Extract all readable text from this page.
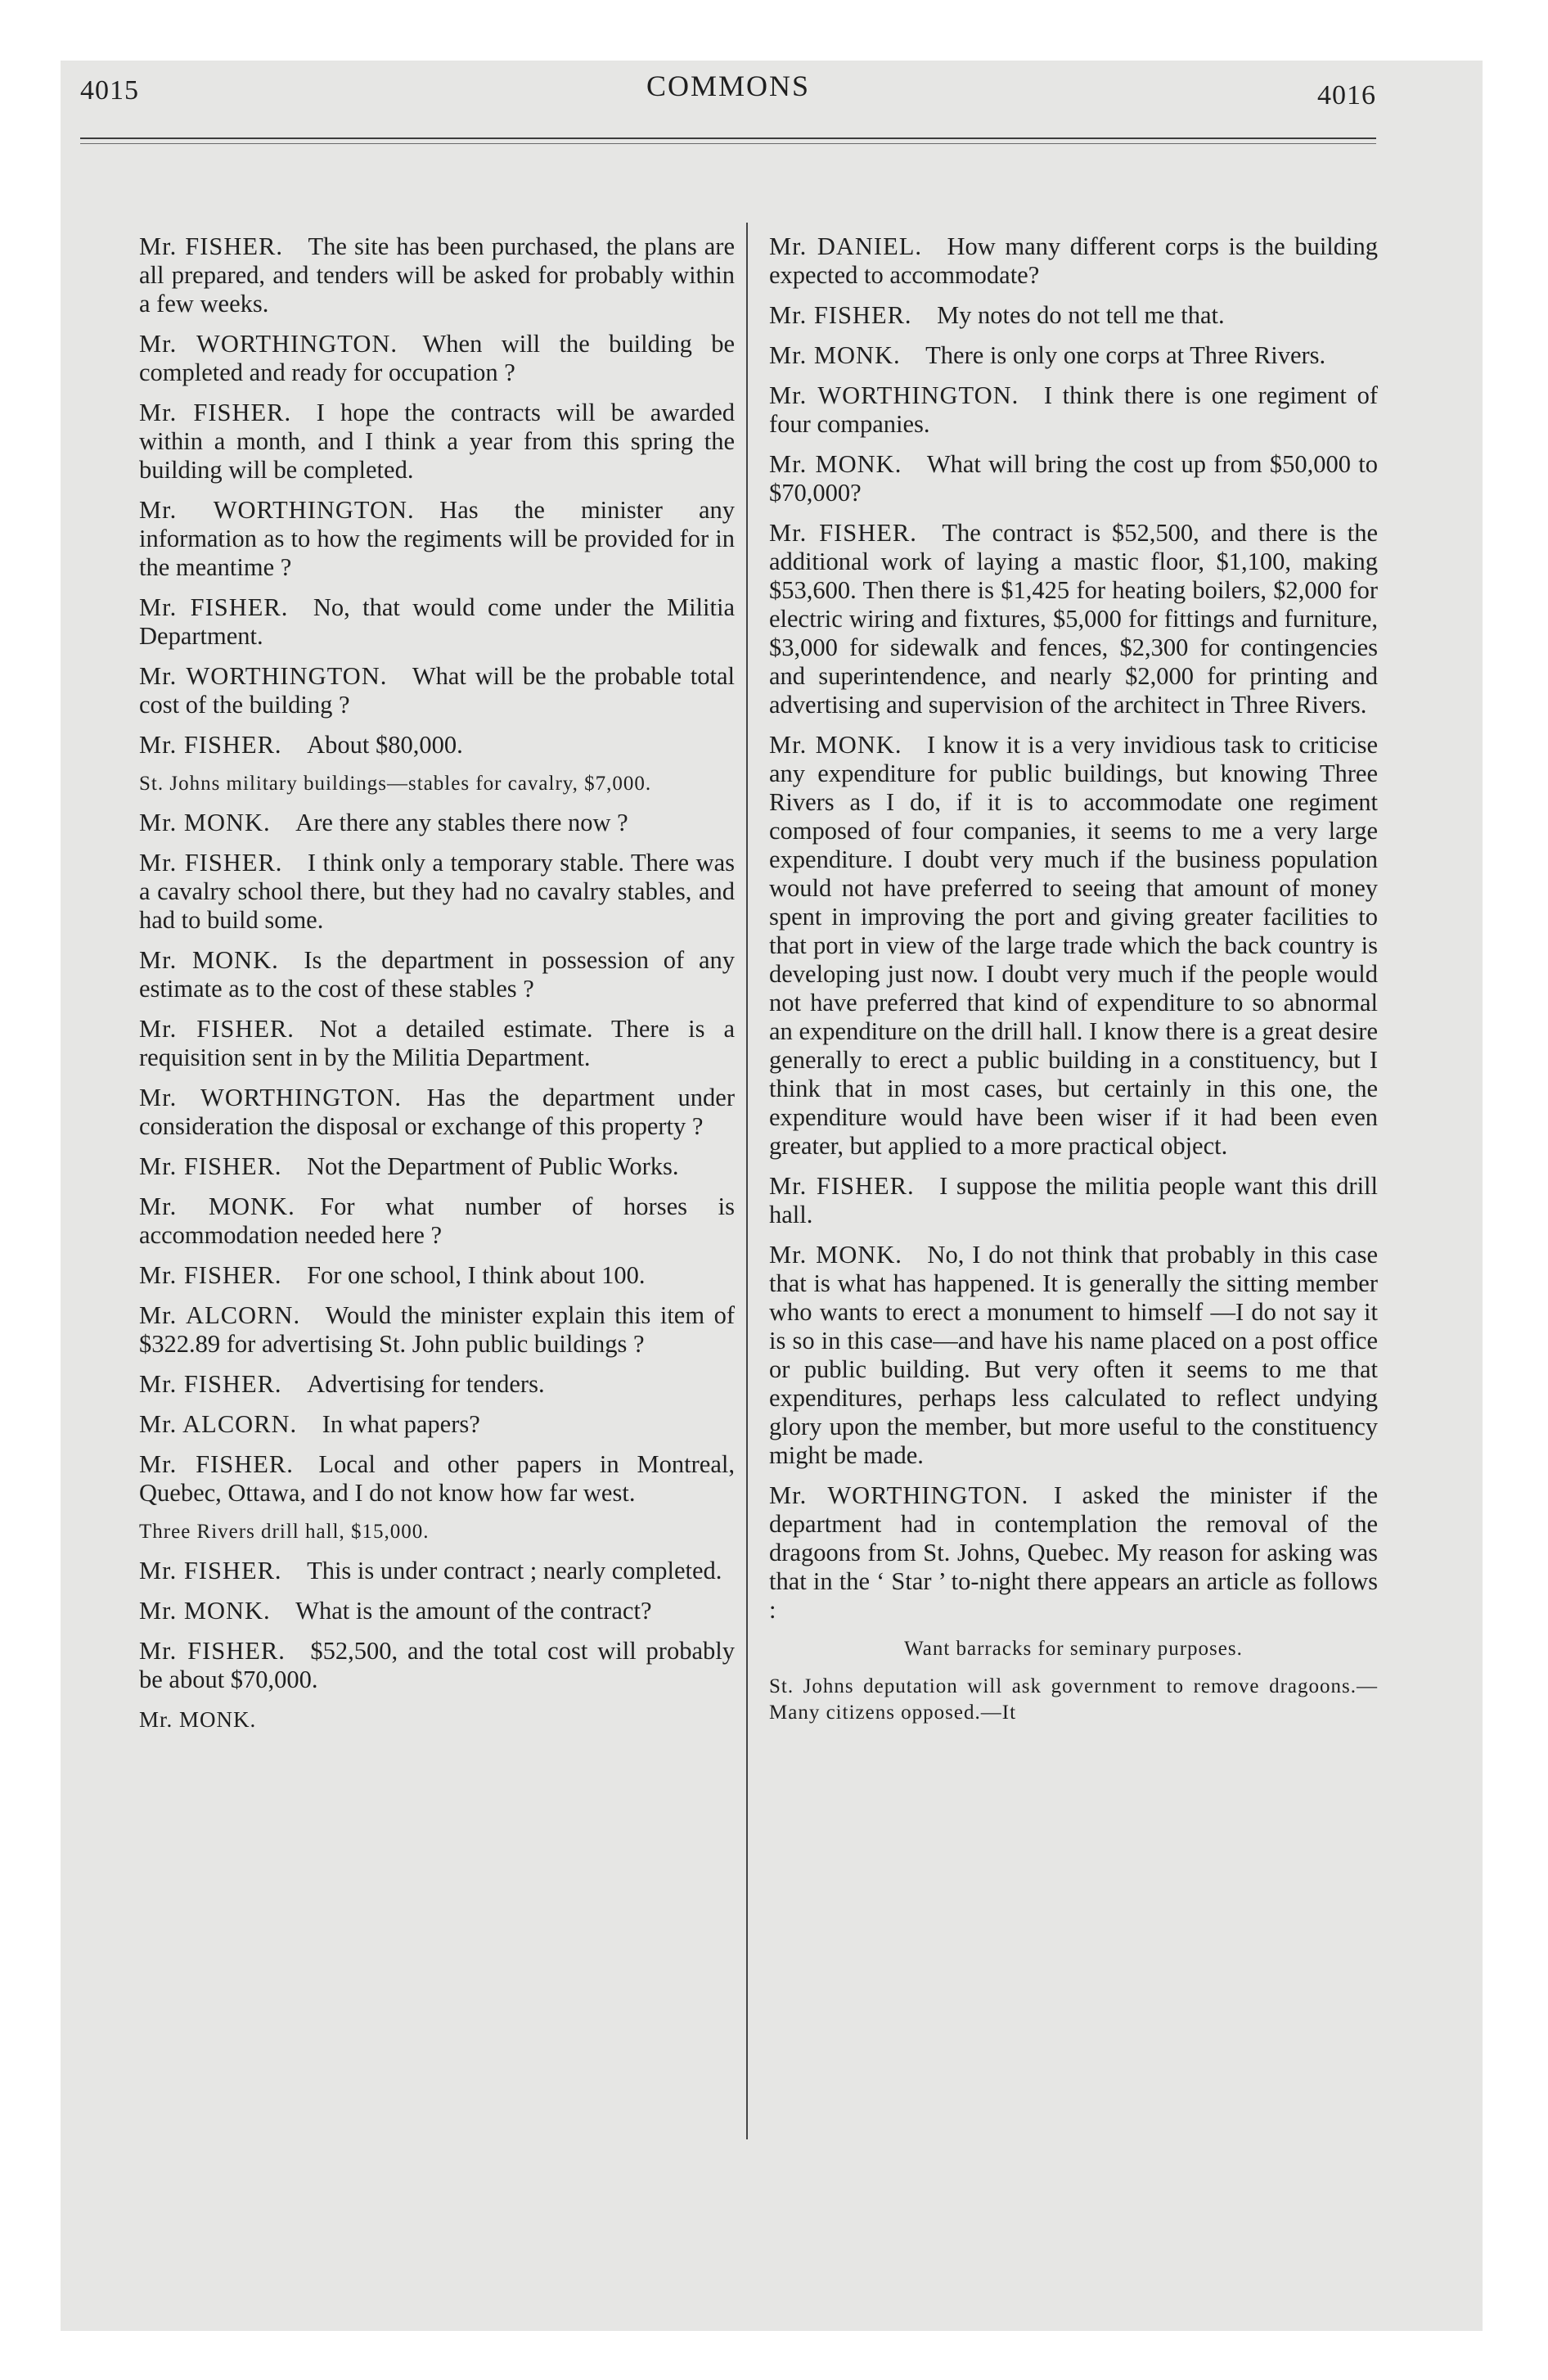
4015	COMMONS	4016

Mr. FISHER.  The site has been purchased, the plans are all prepared, and tenders will be asked for probably within a few weeks.

Mr. WORTHINGTON.  When will the building be completed and ready for occupation ?

Mr. FISHER.  I hope the contracts will be awarded within a month, and I think a year from this spring the building will be completed.

Mr. WORTHINGTON.  Has the minister any information as to how the regiments will be provided for in the meantime ?

Mr. FISHER.  No, that would come under the Militia Department.

Mr. WORTHINGTON.  What will be the probable total cost of the building ?

Mr. FISHER.  About $80,000.

St. Johns military buildings—stables for cavalry, $7,000.

Mr. MONK.  Are there any stables there now ?

Mr. FISHER.  I think only a temporary stable. There was a cavalry school there, but they had no cavalry stables, and had to build some.

Mr. MONK.  Is the department in possession of any estimate as to the cost of these stables ?

Mr. FISHER.  Not a detailed estimate. There is a requisition sent in by the Militia Department.

Mr. WORTHINGTON.  Has the department under consideration the disposal or exchange of this property ?

Mr. FISHER.  Not the Department of Public Works.

Mr. MONK.  For what number of horses is accommodation needed here ?

Mr. FISHER.  For one school, I think about 100.

Mr. ALCORN.  Would the minister explain this item of $322.89 for advertising St. John public buildings ?

Mr. FISHER.  Advertising for tenders.

Mr. ALCORN.  In what papers?

Mr. FISHER.  Local and other papers in Montreal, Quebec, Ottawa, and I do not know how far west.

Three Rivers drill hall, $15,000.

Mr. FISHER.  This is under contract ; nearly completed.

Mr. MONK.  What is the amount of the contract?

Mr. FISHER.  $52,500, and the total cost will probably be about $70,000.

Mr. MONK.

Mr. DANIEL.  How many different corps is the building expected to accommodate?

Mr. FISHER.  My notes do not tell me that.

Mr. MONK.  There is only one corps at Three Rivers.

Mr. WORTHINGTON.  I think there is one regiment of four companies.

Mr. MONK.  What will bring the cost up from $50,000 to $70,000?

Mr. FISHER.  The contract is $52,500, and there is the additional work of laying a mastic floor, $1,100, making $53,600. Then there is $1,425 for heating boilers, $2,000 for electric wiring and fixtures, $5,000 for fittings and furniture, $3,000 for sidewalk and fences, $2,300 for contingencies and superintendence, and nearly $2,000 for printing and advertising and supervision of the architect in Three Rivers.

Mr. MONK.  I know it is a very invidious task to criticise any expenditure for public buildings, but knowing Three Rivers as I do, if it is to accommodate one regiment composed of four companies, it seems to me a very large expenditure. I doubt very much if the business population would not have preferred to seeing that amount of money spent in improving the port and giving greater facilities to that port in view of the large trade which the back country is developing just now. I doubt very much if the people would not have preferred that kind of expenditure to so abnormal an expenditure on the drill hall. I know there is a great desire generally to erect a public building in a constituency, but I think that in most cases, but certainly in this one, the expenditure would have been wiser if it had been even greater, but applied to a more practical object.

Mr. FISHER.  I suppose the militia people want this drill hall.

Mr. MONK.  No, I do not think that probably in this case that is what has happened. It is generally the sitting member who wants to erect a monument to himself —I do not say it is so in this case—and have his name placed on a post office or public building. But very often it seems to me that expenditures, perhaps less calculated to reflect undying glory upon the member, but more useful to the constituency might be made.

Mr. WORTHINGTON.  I asked the minister if the department had in contemplation the removal of the dragoons from St. Johns, Quebec. My reason for asking was that in the ‘ Star ’ to-night there appears an article as follows :

Want barracks for seminary purposes.

St. Johns deputation will ask government to remove dragoons.—Many citizens opposed.—It
